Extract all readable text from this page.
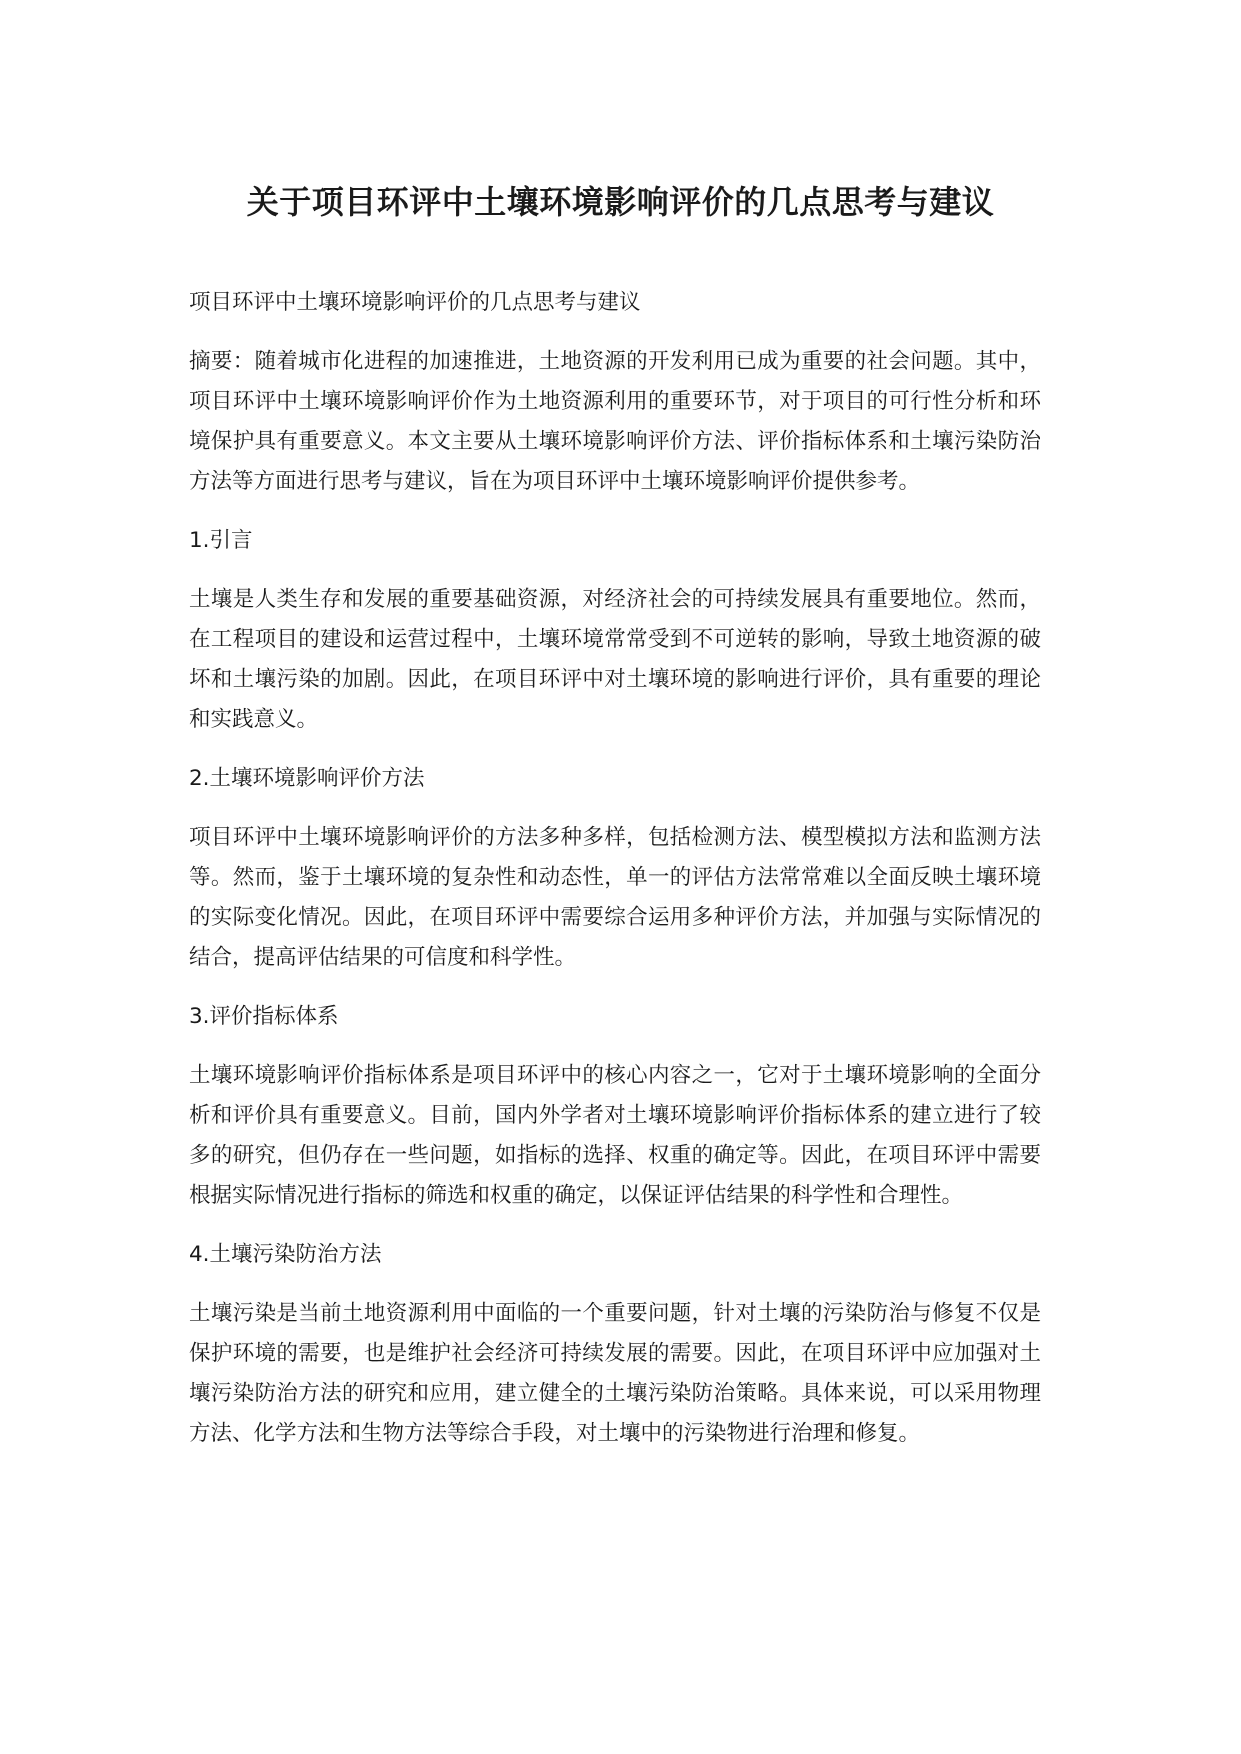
关于项目环评中土壤环境影响评价的几点思考与建议

项目环评中土壤环境影响评价的几点思考与建议

摘要：随着城市化进程的加速推进，土地资源的开发利用已成为重要的社会问题。其中，项目环评中土壤环境影响评价作为土地资源利用的重要环节，对于项目的可行性分析和环境保护具有重要意义。本文主要从土壤环境影响评价方法、评价指标体系和土壤污染防治方法等方面进行思考与建议，旨在为项目环评中土壤环境影响评价提供参考。

1.引言

土壤是人类生存和发展的重要基础资源，对经济社会的可持续发展具有重要地位。然而，在工程项目的建设和运营过程中，土壤环境常常受到不可逆转的影响，导致土地资源的破坏和土壤污染的加剧。因此，在项目环评中对土壤环境的影响进行评价，具有重要的理论和实践意义。

2.土壤环境影响评价方法

项目环评中土壤环境影响评价的方法多种多样，包括检测方法、模型模拟方法和监测方法等。然而，鉴于土壤环境的复杂性和动态性，单一的评估方法常常难以全面反映土壤环境的实际变化情况。因此，在项目环评中需要综合运用多种评价方法，并加强与实际情况的结合，提高评估结果的可信度和科学性。

3.评价指标体系

土壤环境影响评价指标体系是项目环评中的核心内容之一，它对于土壤环境影响的全面分析和评价具有重要意义。目前，国内外学者对土壤环境影响评价指标体系的建立进行了较多的研究，但仍存在一些问题，如指标的选择、权重的确定等。因此，在项目环评中需要根据实际情况进行指标的筛选和权重的确定，以保证评估结果的科学性和合理性。

4.土壤污染防治方法

土壤污染是当前土地资源利用中面临的一个重要问题，针对土壤的污染防治与修复不仅是保护环境的需要，也是维护社会经济可持续发展的需要。因此，在项目环评中应加强对土壤污染防治方法的研究和应用，建立健全的土壤污染防治策略。具体来说，可以采用物理方法、化学方法和生物方法等综合手段，对土壤中的污染物进行治理和修复。
